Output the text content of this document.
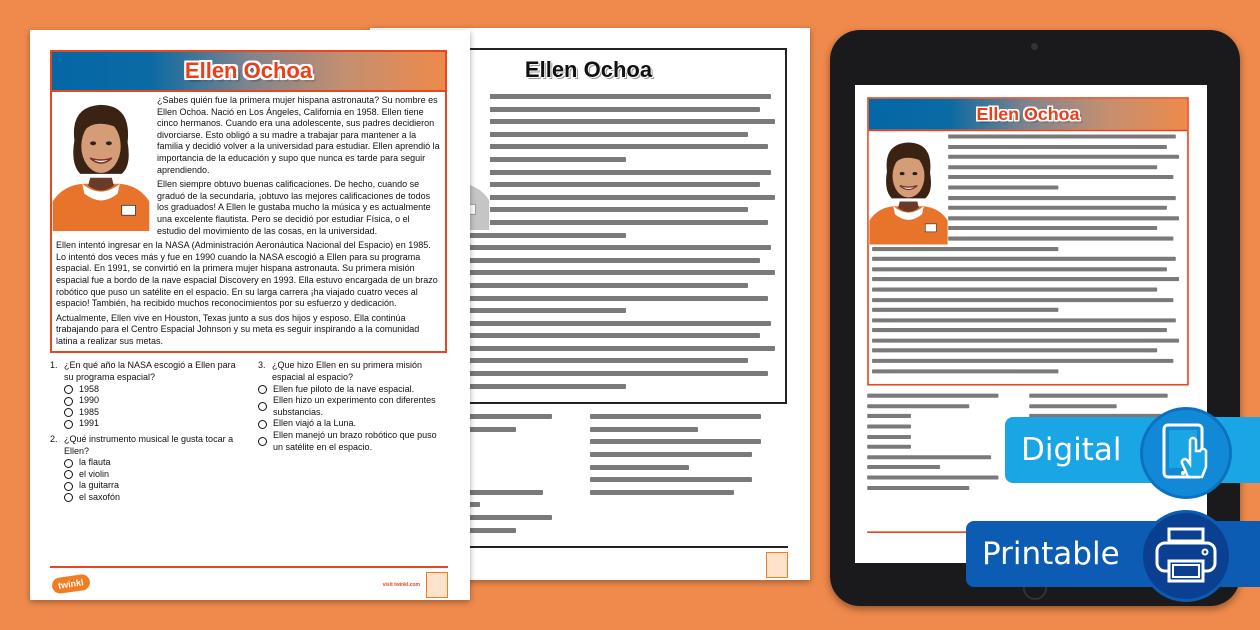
Ellen Ochoa
Ellen Ochoa

¿Sabes quién fue la primera mujer hispana astronauta? Su nombre es Ellen Ochoa. Nació en Los Ángeles, California en 1958. Ellen tiene cinco hermanos. Cuando era una adolescente, sus padres decidieron divorciarse. Esto obligó a su madre a trabajar para mantener a la familia y decidió volver a la universidad para estudiar. Ellen aprendió la importancia de la educación y supo que nunca es tarde para seguir aprendiendo.

Ellen siempre obtuvo buenas calificaciones. De hecho, cuando se graduó de la secundaria, ¡obtuvo las mejores calificaciones de todos los graduados! A Ellen le gustaba mucho la música y es actualmente una excelente flautista. Pero se decidió por estudiar Física, o el estudio del movimiento de las cosas, en la universidad.

Ellen intentó ingresar en la NASA (Administración Aeronáutica Nacional del Espacio) en 1985. Lo intentó dos veces más y fue en 1990 cuando la NASA escogió a Ellen para su programa espacial. En 1991, se convirtió en la primera mujer hispana astronauta. Su primera misión espacial fue a bordo de la nave espacial Discovery en 1993. Ella estuvo encargada de un brazo robótico que puso un satélite en el espacio. En su larga carrera ¡ha viajado cuatro veces al espacio! También, ha recibido muchos reconocimientos por su esfuerzo y dedicación.

Actualmente, Ellen vive en Houston, Texas junto a sus dos hijos y esposo. Ella continúa trabajando para el Centro Espacial Johnson y su meta es seguir inspirando a la comunidad latina a realizar sus metas.

1. ¿En qué año la NASA escogió a Ellen para su programa espacial?
1958
1990
1985
1991
2. ¿Qué instrumento musical le gusta tocar a Ellen?
la flauta
el violin
la guitarra
el saxofón
3. ¿Que hizo Ellen en su primera misión espacial al espacio?
Ellen fue piloto de la nave espacial.
Ellen hizo un experimento con diferentes substancias.
Ellen viajó a la Luna.
Ellen manejó un brazo robótico que puso un satélite en el espacio.
twinkl	visit twinkl.com
Ellen Ochoa
Digital
Printable
